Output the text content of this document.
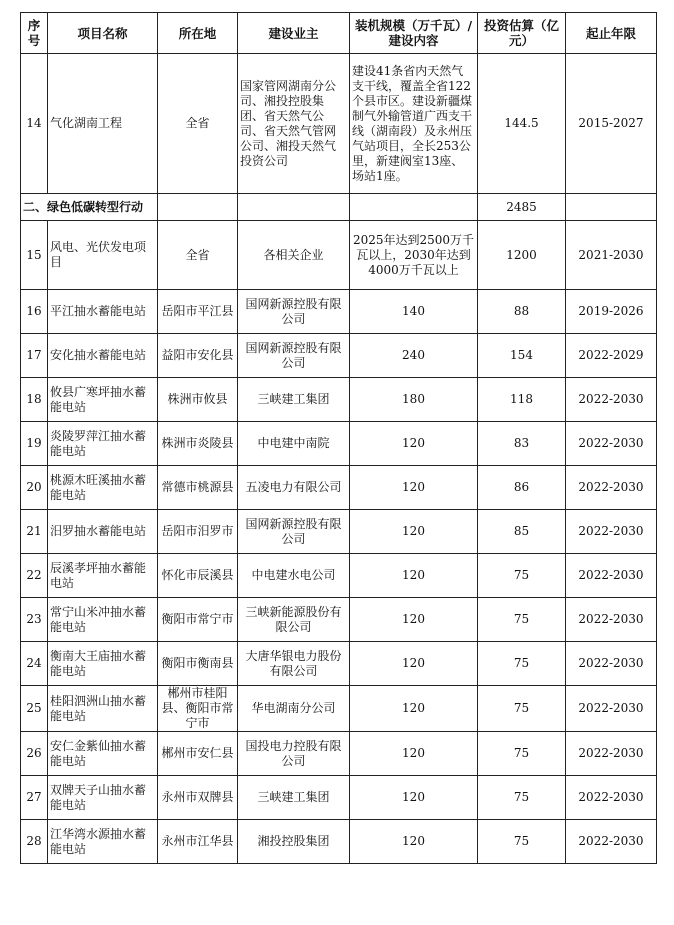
序号	项目名称	所在地	建设业主	装机规模（万千瓦）/建设内容	投资估算（亿元）	起止年限
14	气化湖南工程	全省	国家管网湖南分公司、湘投控股集团、省天然气公司、省天然气管网公司、湘投天然气投资公司	建设41条省内天然气支干线，覆盖全省122个县市区。建设新疆煤制气外输管道广西支干线（湖南段）及永州压气站项目，全长253公里，新建阀室13座、场站1座。	144.5	2015-2027
二、绿色低碳转型行动					2485	
15	风电、光伏发电项目	全省	各相关企业	2025年达到2500万千瓦以上，2030年达到4000万千瓦以上	1200	2021-2030
16	平江抽水蓄能电站	岳阳市平江县	国网新源控股有限公司	140	88	2019-2026
17	安化抽水蓄能电站	益阳市安化县	国网新源控股有限公司	240	154	2022-2029
18	攸县广寒坪抽水蓄能电站	株洲市攸县	三峡建工集团	180	118	2022-2030
19	炎陵罗萍江抽水蓄能电站	株洲市炎陵县	中电建中南院	120	83	2022-2030
20	桃源木旺溪抽水蓄能电站	常德市桃源县	五凌电力有限公司	120	86	2022-2030
21	汨罗抽水蓄能电站	岳阳市汨罗市	国网新源控股有限公司	120	85	2022-2030
22	辰溪孝坪抽水蓄能电站	怀化市辰溪县	中电建水电公司	120	75	2022-2030
23	常宁山米冲抽水蓄能电站	衡阳市常宁市	三峡新能源股份有限公司	120	75	2022-2030
24	衡南大王庙抽水蓄能电站	衡阳市衡南县	大唐华银电力股份有限公司	120	75	2022-2030
25	桂阳泗洲山抽水蓄能电站	郴州市桂阳县、衡阳市常宁市	华电湖南分公司	120	75	2022-2030
26	安仁金紫仙抽水蓄能电站	郴州市安仁县	国投电力控股有限公司	120	75	2022-2030
27	双牌天子山抽水蓄能电站	永州市双牌县	三峡建工集团	120	75	2022-2030
28	江华湾水源抽水蓄能电站	永州市江华县	湘投控股集团	120	75	2022-2030
